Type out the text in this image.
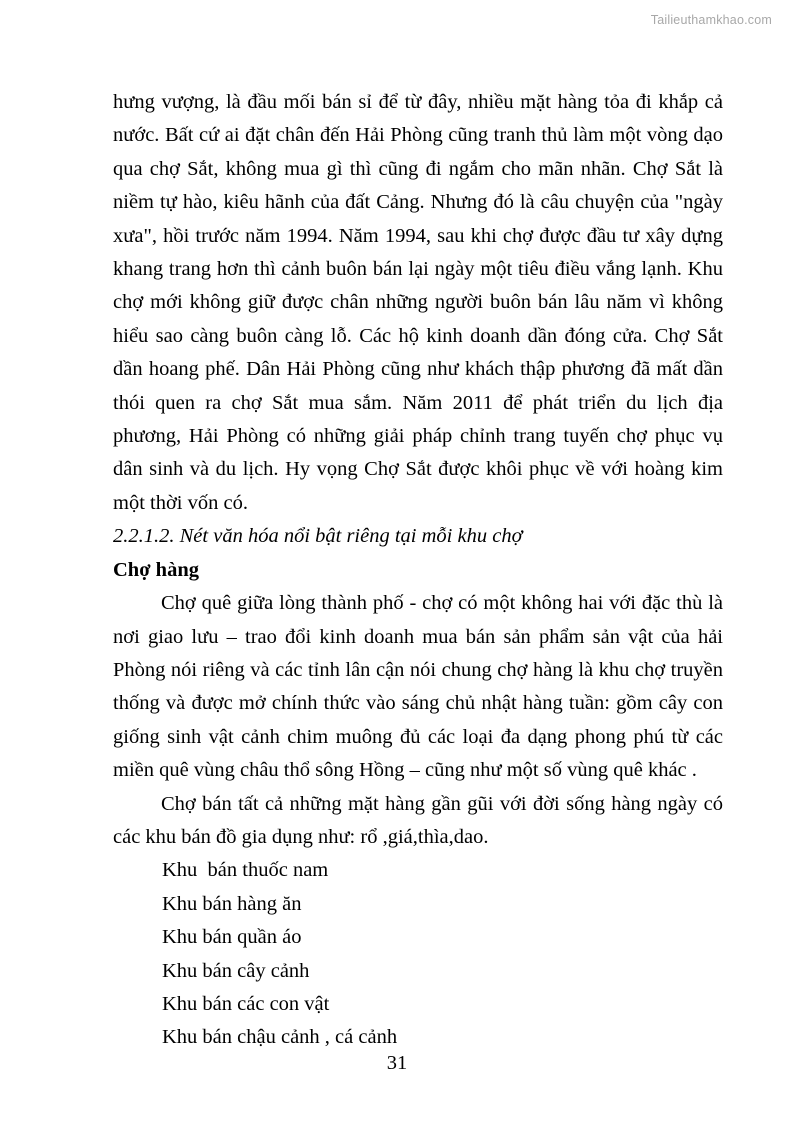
Tailieuthamkhao.com

hưng vượng, là đầu mối bán sỉ để từ đây, nhiều mặt hàng tỏa đi khắp cả nước. Bất cứ ai đặt chân đến Hải Phòng cũng tranh thủ làm một vòng dạo qua chợ Sắt, không mua gì thì cũng đi ngắm cho mãn nhãn. Chợ Sắt là niềm tự hào, kiêu hãnh của đất Cảng. Nhưng đó là câu chuyện của "ngày xưa", hồi trước năm 1994. Năm 1994, sau khi chợ được đầu tư xây dựng khang trang hơn thì cảnh buôn bán lại ngày một tiêu điều vắng lạnh. Khu chợ mới không giữ được chân những người buôn bán lâu năm vì không hiểu sao càng buôn càng lỗ. Các hộ kinh doanh dần đóng cửa. Chợ Sắt dần hoang phế. Dân Hải Phòng cũng như khách thập phương đã mất dần thói quen ra chợ Sắt mua sắm. Năm 2011 để phát triển du lịch địa phương, Hải Phòng có những giải pháp chỉnh trang tuyến chợ phục vụ dân sinh và du lịch. Hy vọng Chợ Sắt được khôi phục về với hoàng kim một thời vốn có.

2.2.1.2. Nét văn hóa nổi bật riêng tại mỗi khu chợ
Chợ hàng

Chợ quê giữa lòng thành phố - chợ có một không hai với đặc thù là nơi giao lưu – trao đổi kinh doanh mua bán sản phẩm sản vật của hải Phòng nói riêng và các tỉnh lân cận nói chung chợ hàng là khu chợ truyền thống và được mở chính thức vào sáng chủ nhật hàng tuần: gồm cây con giống sinh vật cảnh chim muông đủ các loại đa dạng phong phú từ các miền quê vùng châu thổ sông Hồng – cũng như một số vùng quê khác .

Chợ bán tất cả những mặt hàng gần gũi với đời sống hàng ngày có các khu bán đồ gia dụng như: rổ ,giá,thìa,dao.

Khu  bán thuốc nam
Khu bán hàng ăn
Khu bán quần áo
Khu bán cây cảnh
Khu bán các con vật
Khu bán chậu cảnh , cá cảnh
31
